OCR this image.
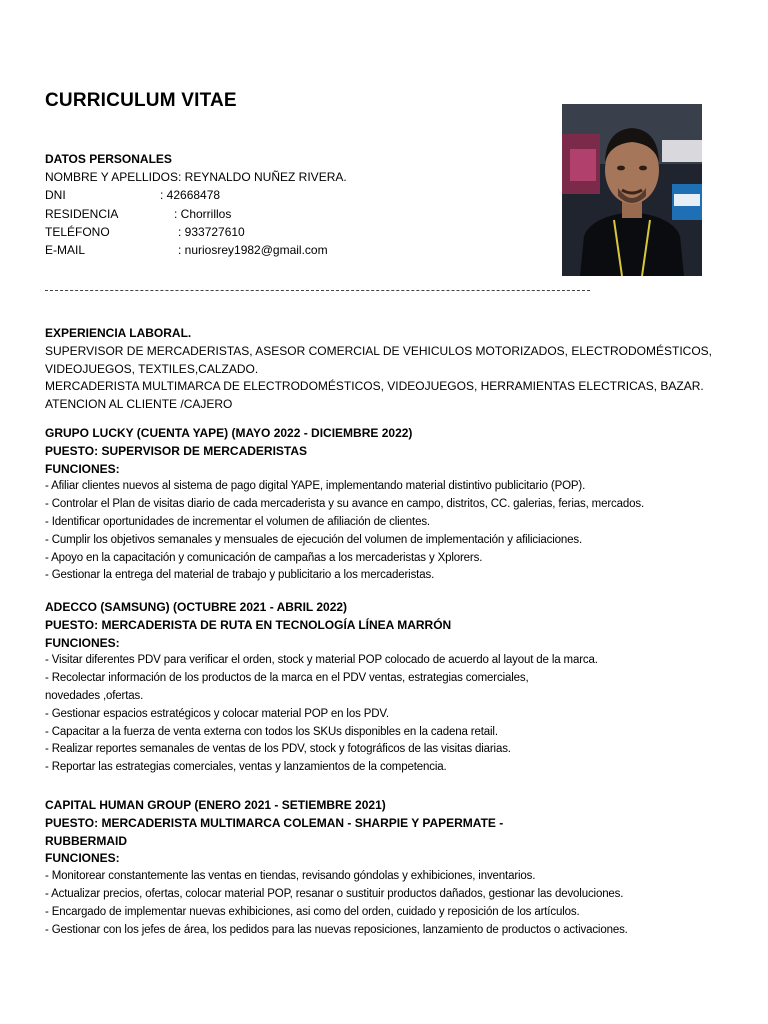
CURRICULUM VITAE
DATOS PERSONALES
NOMBRE Y APELLIDOS : REYNALDO NUÑEZ RIVERA.
DNI	: 42668478
RESIDENCIA	: Chorrillos
TELÉFONO	: 933727610
E-MAIL	: nuriosrey1982@gmail.com
EXPERIENCIA LABORAL.
SUPERVISOR DE MERCADERISTAS, ASESOR COMERCIAL DE VEHICULOS MOTORIZADOS, ELECTRODOMÉSTICOS,
VIDEOJUEGOS, TEXTILES,CALZADO.
MERCADERISTA MULTIMARCA DE ELECTRODOMÉSTICOS, VIDEOJUEGOS, HERRAMIENTAS ELECTRICAS, BAZAR.
ATENCION AL CLIENTE /CAJERO
GRUPO LUCKY (CUENTA YAPE) (MAYO 2022 - DICIEMBRE 2022)
PUESTO: SUPERVISOR DE MERCADERISTAS
FUNCIONES:
- Afiliar clientes nuevos al sistema de pago digital YAPE, implementando material distintivo publicitario (POP).
- Controlar el Plan de visitas diario de cada mercaderista y su avance en campo, distritos, CC. galerias, ferias, mercados.
- Identificar oportunidades de incrementar el volumen de afiliación de clientes.
- Cumplir los objetivos semanales y mensuales de ejecución del volumen de implementación y afiliciaciones.
- Apoyo en la capacitación y comunicación de campañas a los mercaderistas y Xplorers.
- Gestionar la entrega del material de trabajo y publicitario a los mercaderistas.
ADECCO (SAMSUNG) (OCTUBRE 2021 - ABRIL 2022)
PUESTO: MERCADERISTA DE RUTA EN TECNOLOGÍA LÍNEA MARRÓN
FUNCIONES:
- Visitar diferentes PDV para verificar el orden, stock y material POP colocado de acuerdo al layout de la marca.
- Recolectar información de los productos de la marca en el PDV ventas, estrategias comerciales,
novedades ,ofertas.
- Gestionar espacios estratégicos y colocar material POP en los PDV.
- Capacitar a la fuerza de venta externa con todos los SKUs disponibles en la cadena retail.
- Realizar reportes semanales de ventas de los PDV, stock y fotográficos de las visitas diarias.
- Reportar las estrategias comerciales, ventas y lanzamientos de la competencia.
CAPITAL HUMAN GROUP (ENERO 2021 - SETIEMBRE 2021)
PUESTO: MERCADERISTA MULTIMARCA COLEMAN - SHARPIE Y PAPERMATE -
RUBBERMAID
FUNCIONES:
- Monitorear constantemente las ventas en tiendas, revisando góndolas y exhibiciones, inventarios.
- Actualizar precios, ofertas, colocar material POP, resanar o sustituir productos dañados, gestionar las devoluciones.
- Encargado de implementar nuevas exhibiciones, asi como del orden, cuidado y reposición de los artículos.
- Gestionar con los jefes de área, los pedidos para las nuevas reposiciones, lanzamiento de productos o activaciones.
